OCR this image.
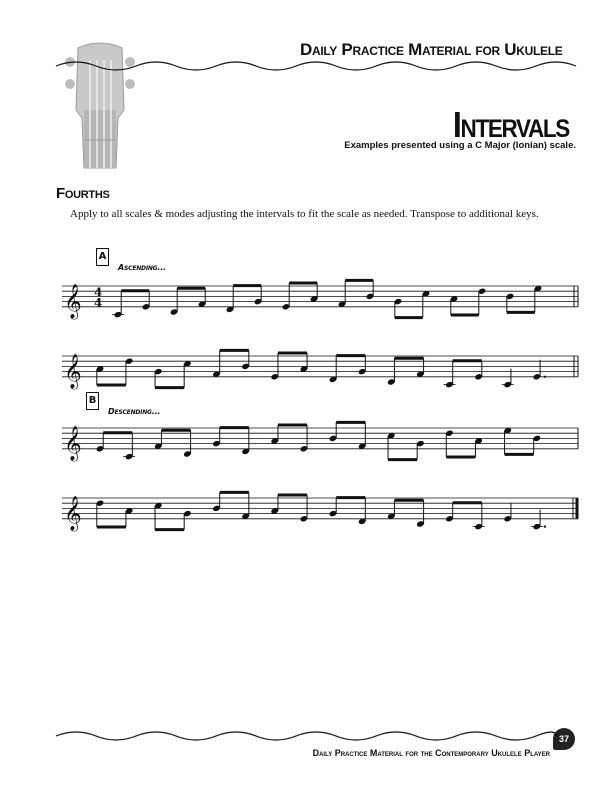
Daily Practice Material for Ukulele
Intervals
Examples presented using a C Major (Ionian) scale.
Fourths
Apply to all scales & modes adjusting the intervals to fit the scale as needed. Transpose to additional keys.
A
Ascending...
B
Descending...
Daily Practice Material for the Contemporary Ukulele Player
37
𝄞 4
4
𝄞
𝄞
𝄞
